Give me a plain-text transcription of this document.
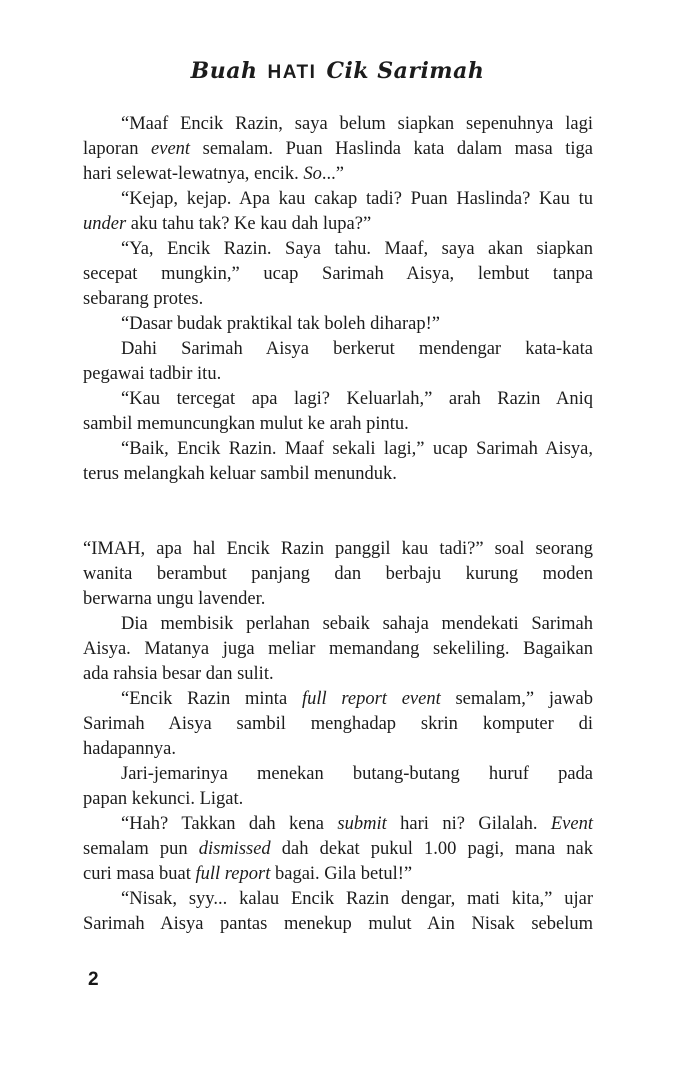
Buah HATI Cik Sarimah
“Maaf Encik Razin, saya belum siapkan sepenuhnya lagi
laporan event semalam. Puan Haslinda kata dalam masa tiga
hari selewat-lewatnya, encik. So...”
“Kejap, kejap. Apa kau cakap tadi? Puan Haslinda? Kau tu
under aku tahu tak? Ke kau dah lupa?”
“Ya, Encik Razin. Saya tahu. Maaf, saya akan siapkan
secepat mungkin,” ucap Sarimah Aisya, lembut tanpa
sebarang protes.
“Dasar budak praktikal tak boleh diharap!”
Dahi Sarimah Aisya berkerut mendengar kata-kata
pegawai tadbir itu.
“Kau tercegat apa lagi? Keluarlah,” arah Razin Aniq
sambil memuncungkan mulut ke arah pintu.
“Baik, Encik Razin. Maaf sekali lagi,” ucap Sarimah Aisya,
terus melangkah keluar sambil menunduk.
“IMAH, apa hal Encik Razin panggil kau tadi?” soal seorang
wanita berambut panjang dan berbaju kurung moden
berwarna ungu lavender.
Dia membisik perlahan sebaik sahaja mendekati Sarimah
Aisya. Matanya juga meliar memandang sekeliling. Bagaikan
ada rahsia besar dan sulit.
“Encik Razin minta full report event semalam,” jawab
Sarimah Aisya sambil menghadap skrin komputer di
hadapannya.
Jari-jemarinya menekan butang-butang huruf pada
papan kekunci. Ligat.
“Hah? Takkan dah kena submit hari ni? Gilalah. Event
semalam pun dismissed dah dekat pukul 1.00 pagi, mana nak
curi masa buat full report bagai. Gila betul!”
“Nisak, syy... kalau Encik Razin dengar, mati kita,” ujar
Sarimah Aisya pantas menekup mulut Ain Nisak sebelum
2
